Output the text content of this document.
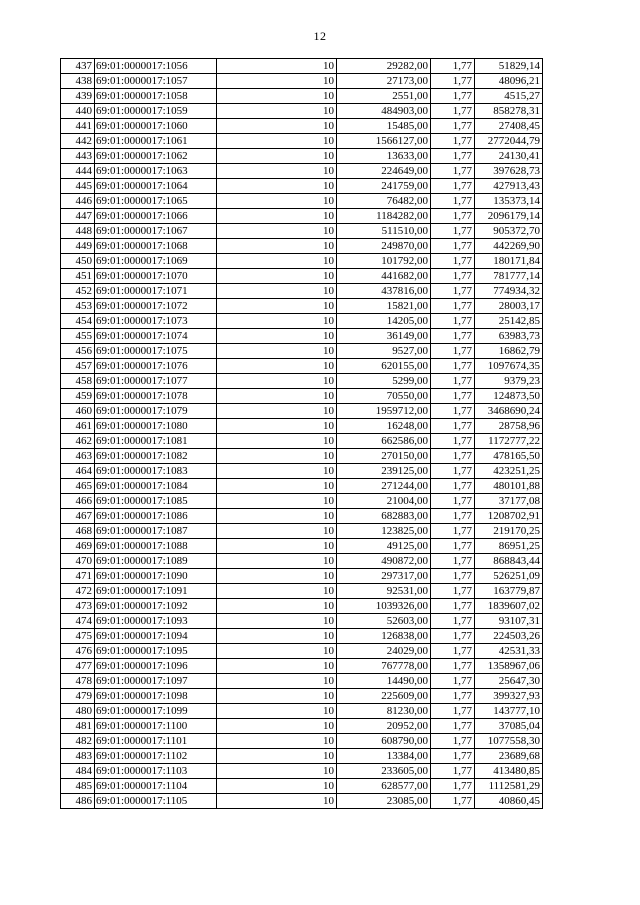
12
437	69:01:0000017:1056	10	29282,00	1,77	51829,14
438	69:01:0000017:1057	10	27173,00	1,77	48096,21
439	69:01:0000017:1058	10	2551,00	1,77	4515,27
440	69:01:0000017:1059	10	484903,00	1,77	858278,31
441	69:01:0000017:1060	10	15485,00	1,77	27408,45
442	69:01:0000017:1061	10	1566127,00	1,77	2772044,79
443	69:01:0000017:1062	10	13633,00	1,77	24130,41
444	69:01:0000017:1063	10	224649,00	1,77	397628,73
445	69:01:0000017:1064	10	241759,00	1,77	427913,43
446	69:01:0000017:1065	10	76482,00	1,77	135373,14
447	69:01:0000017:1066	10	1184282,00	1,77	2096179,14
448	69:01:0000017:1067	10	511510,00	1,77	905372,70
449	69:01:0000017:1068	10	249870,00	1,77	442269,90
450	69:01:0000017:1069	10	101792,00	1,77	180171,84
451	69:01:0000017:1070	10	441682,00	1,77	781777,14
452	69:01:0000017:1071	10	437816,00	1,77	774934,32
453	69:01:0000017:1072	10	15821,00	1,77	28003,17
454	69:01:0000017:1073	10	14205,00	1,77	25142,85
455	69:01:0000017:1074	10	36149,00	1,77	63983,73
456	69:01:0000017:1075	10	9527,00	1,77	16862,79
457	69:01:0000017:1076	10	620155,00	1,77	1097674,35
458	69:01:0000017:1077	10	5299,00	1,77	9379,23
459	69:01:0000017:1078	10	70550,00	1,77	124873,50
460	69:01:0000017:1079	10	1959712,00	1,77	3468690,24
461	69:01:0000017:1080	10	16248,00	1,77	28758,96
462	69:01:0000017:1081	10	662586,00	1,77	1172777,22
463	69:01:0000017:1082	10	270150,00	1,77	478165,50
464	69:01:0000017:1083	10	239125,00	1,77	423251,25
465	69:01:0000017:1084	10	271244,00	1,77	480101,88
466	69:01:0000017:1085	10	21004,00	1,77	37177,08
467	69:01:0000017:1086	10	682883,00	1,77	1208702,91
468	69:01:0000017:1087	10	123825,00	1,77	219170,25
469	69:01:0000017:1088	10	49125,00	1,77	86951,25
470	69:01:0000017:1089	10	490872,00	1,77	868843,44
471	69:01:0000017:1090	10	297317,00	1,77	526251,09
472	69:01:0000017:1091	10	92531,00	1,77	163779,87
473	69:01:0000017:1092	10	1039326,00	1,77	1839607,02
474	69:01:0000017:1093	10	52603,00	1,77	93107,31
475	69:01:0000017:1094	10	126838,00	1,77	224503,26
476	69:01:0000017:1095	10	24029,00	1,77	42531,33
477	69:01:0000017:1096	10	767778,00	1,77	1358967,06
478	69:01:0000017:1097	10	14490,00	1,77	25647,30
479	69:01:0000017:1098	10	225609,00	1,77	399327,93
480	69:01:0000017:1099	10	81230,00	1,77	143777,10
481	69:01:0000017:1100	10	20952,00	1,77	37085,04
482	69:01:0000017:1101	10	608790,00	1,77	1077558,30
483	69:01:0000017:1102	10	13384,00	1,77	23689,68
484	69:01:0000017:1103	10	233605,00	1,77	413480,85
485	69:01:0000017:1104	10	628577,00	1,77	1112581,29
486	69:01:0000017:1105	10	23085,00	1,77	40860,45
